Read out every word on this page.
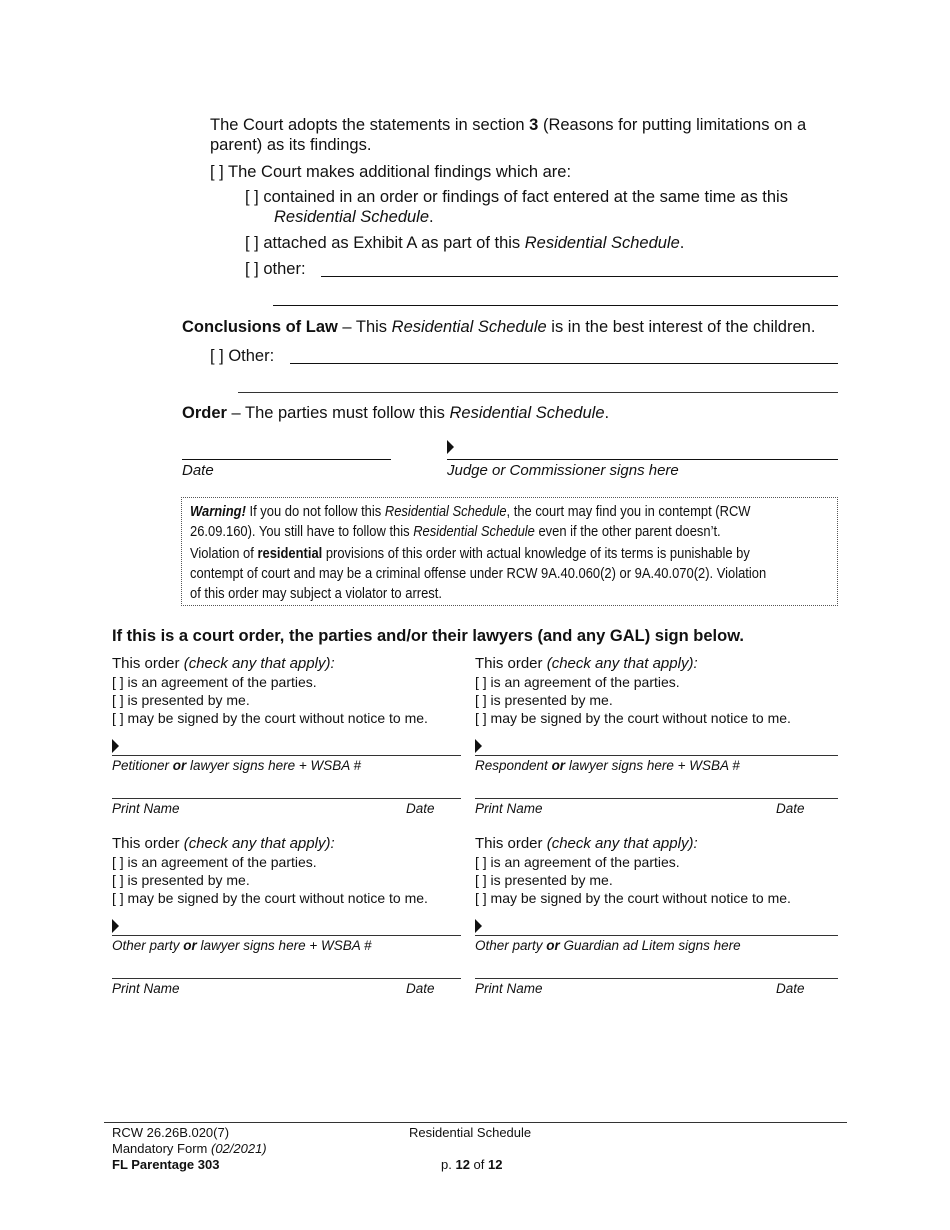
The Court adopts the statements in section 3 (Reasons for putting limitations on a
parent) as its findings.
[ ] The Court makes additional findings which are:
[ ] contained in an order or findings of fact entered at the same time as this
Residential Schedule.
[ ] attached as Exhibit A as part of this Residential Schedule.
[ ] other:
Conclusions of Law – This Residential Schedule is in the best interest of the children.
[ ] Other:
Order – The parties must follow this Residential Schedule.
Date	Judge or Commissioner signs here
Warning! If you do not follow this Residential Schedule, the court may find you in contempt (RCW
26.09.160). You still have to follow this Residential Schedule even if the other parent doesn’t.
Violation of residential provisions of this order with actual knowledge of its terms is punishable by
contempt of court and may be a criminal offense under RCW 9A.40.060(2) or 9A.40.070(2). Violation
of this order may subject a violator to arrest.
If this is a court order, the parties and/or their lawyers (and any GAL) sign below.
This order (check any that apply):
[ ] is an agreement of the parties.
[ ] is presented by me.
[ ] may be signed by the court without notice to me.
Petitioner or lawyer signs here + WSBA #
Print Name	Date
This order (check any that apply):
[ ] is an agreement of the parties.
[ ] is presented by me.
[ ] may be signed by the court without notice to me.
Respondent or lawyer signs here + WSBA #
Print Name	Date
This order (check any that apply):
[ ] is an agreement of the parties.
[ ] is presented by me.
[ ] may be signed by the court without notice to me.
Other party or lawyer signs here + WSBA #
Print Name	Date
This order (check any that apply):
[ ] is an agreement of the parties.
[ ] is presented by me.
[ ] may be signed by the court without notice to me.
Other party or Guardian ad Litem signs here
Print Name	Date
RCW 26.26B.020(7)
Mandatory Form (02/2021)
FL Parentage 303
Residential Schedule
p. 12 of 12
